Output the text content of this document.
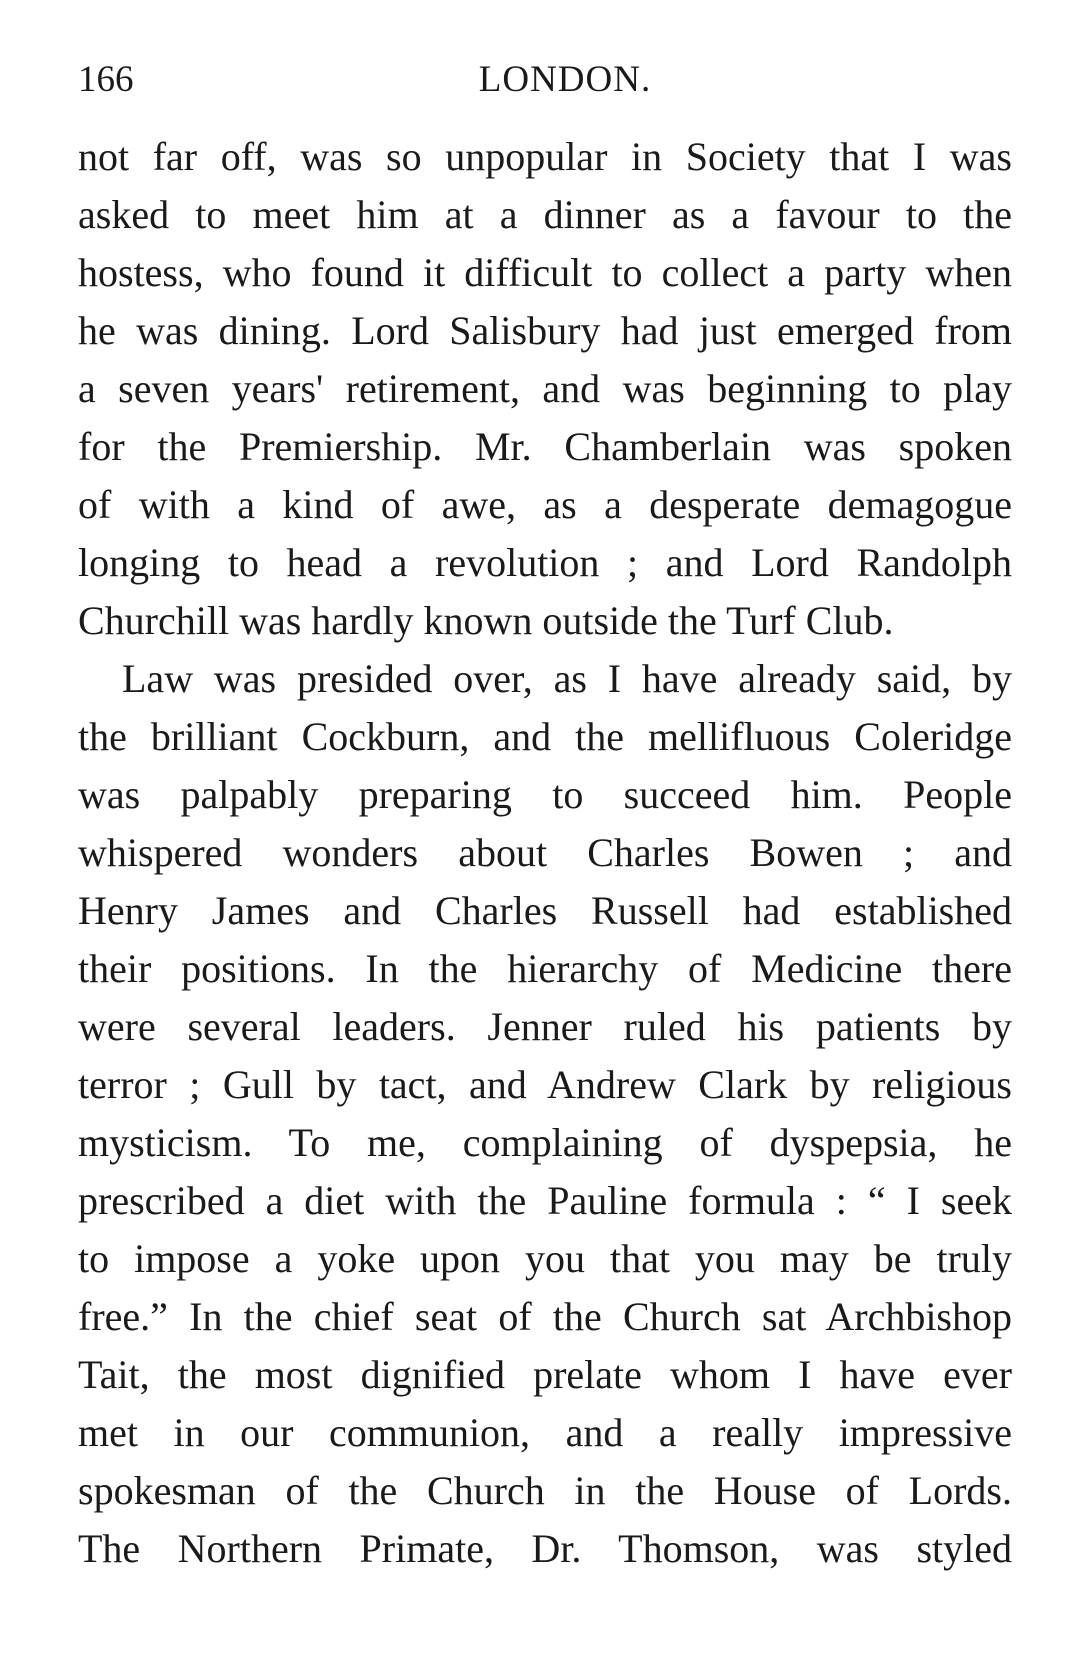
166	LONDON.
not far off, was so unpopular in Society that I was
asked to meet him at a dinner as a favour to the
hostess, who found it difficult to collect a party when
he was dining. Lord Salisbury had just emerged from
a seven years' retirement, and was beginning to play
for the Premiership. Mr. Chamberlain was spoken
of with a kind of awe, as a desperate demagogue
longing to head a revolution ; and Lord Randolph
Churchill was hardly known outside the Turf Club.
Law was presided over, as I have already said, by
the brilliant Cockburn, and the mellifluous Coleridge
was palpably preparing to succeed him. People
whispered wonders about Charles Bowen ; and
Henry James and Charles Russell had established
their positions. In the hierarchy of Medicine there
were several leaders. Jenner ruled his patients by
terror ; Gull by tact, and Andrew Clark by religious
mysticism. To me, complaining of dyspepsia, he
prescribed a diet with the Pauline formula : “ I seek
to impose a yoke upon you that you may be truly
free.” In the chief seat of the Church sat Archbishop
Tait, the most dignified prelate whom I have ever
met in our communion, and a really impressive
spokesman of the Church in the House of Lords.
The Northern Primate, Dr. Thomson, was styled
